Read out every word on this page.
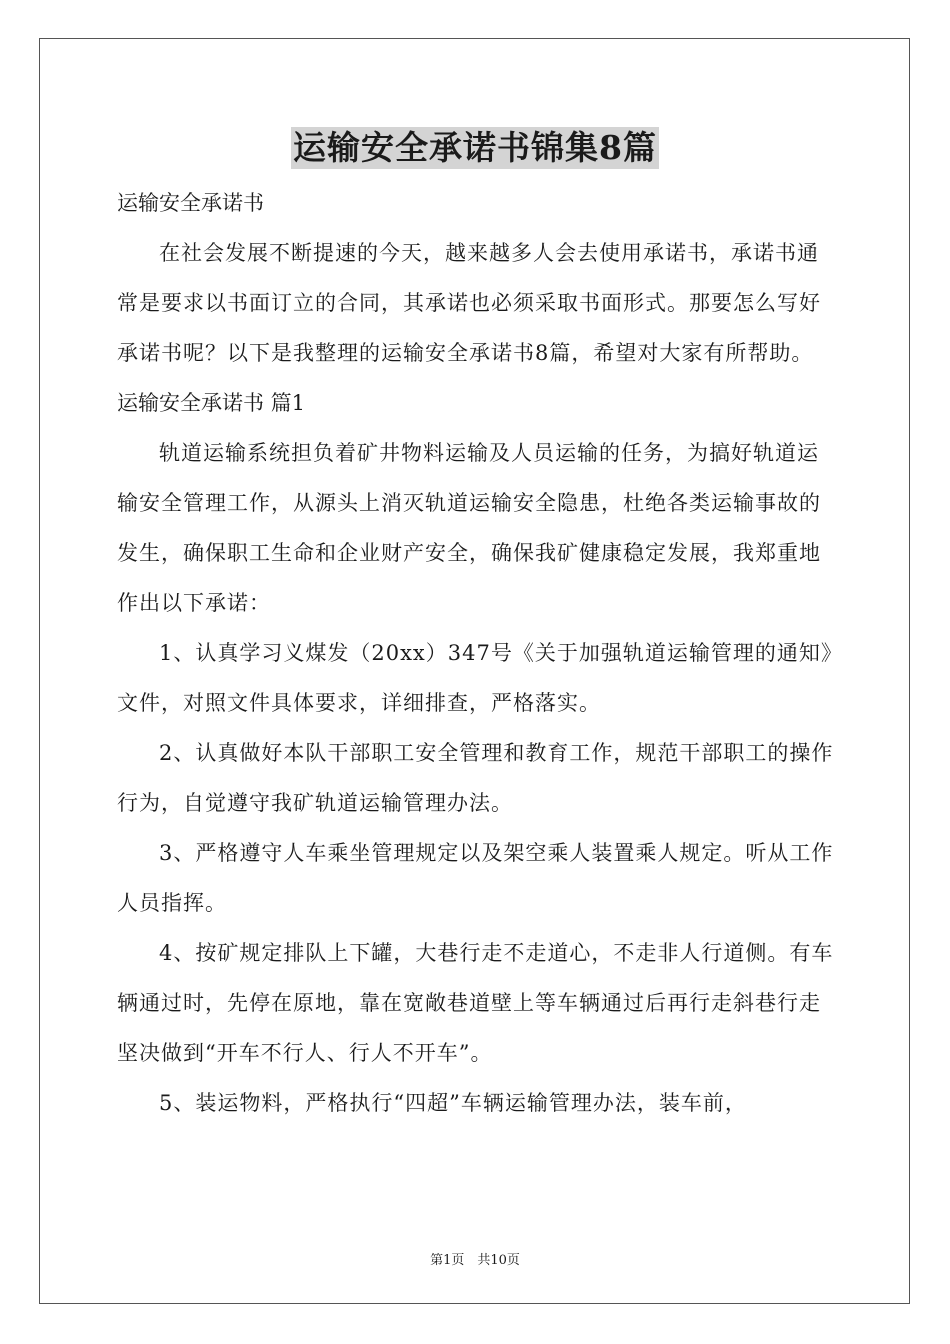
运输安全承诺书锦集8篇

运输安全承诺书

在社会发展不断提速的今天，越来越多人会去使用承诺书，承诺书通常是要求以书面订立的合同，其承诺也必须采取书面形式。那要怎么写好承诺书呢？以下是我整理的运输安全承诺书8篇，希望对大家有所帮助。

运输安全承诺书 篇1

轨道运输系统担负着矿井物料运输及人员运输的任务，为搞好轨道运输安全管理工作，从源头上消灭轨道运输安全隐患，杜绝各类运输事故的发生，确保职工生命和企业财产安全，确保我矿健康稳定发展，我郑重地作出以下承诺：

1、认真学习义煤发（20xx）347号《关于加强轨道运输管理的通知》文件，对照文件具体要求，详细排查，严格落实。

2、认真做好本队干部职工安全管理和教育工作，规范干部职工的操作行为，自觉遵守我矿轨道运输管理办法。

3、严格遵守人车乘坐管理规定以及架空乘人装置乘人规定。听从工作人员指挥。

4、按矿规定排队上下罐，大巷行走不走道心，不走非人行道侧。有车辆通过时，先停在原地，靠在宽敞巷道壁上等车辆通过后再行走斜巷行走坚决做到“开车不行人、行人不开车”。

5、装运物料，严格执行“四超”车辆运输管理办法，装车前，

第1页　共10页
